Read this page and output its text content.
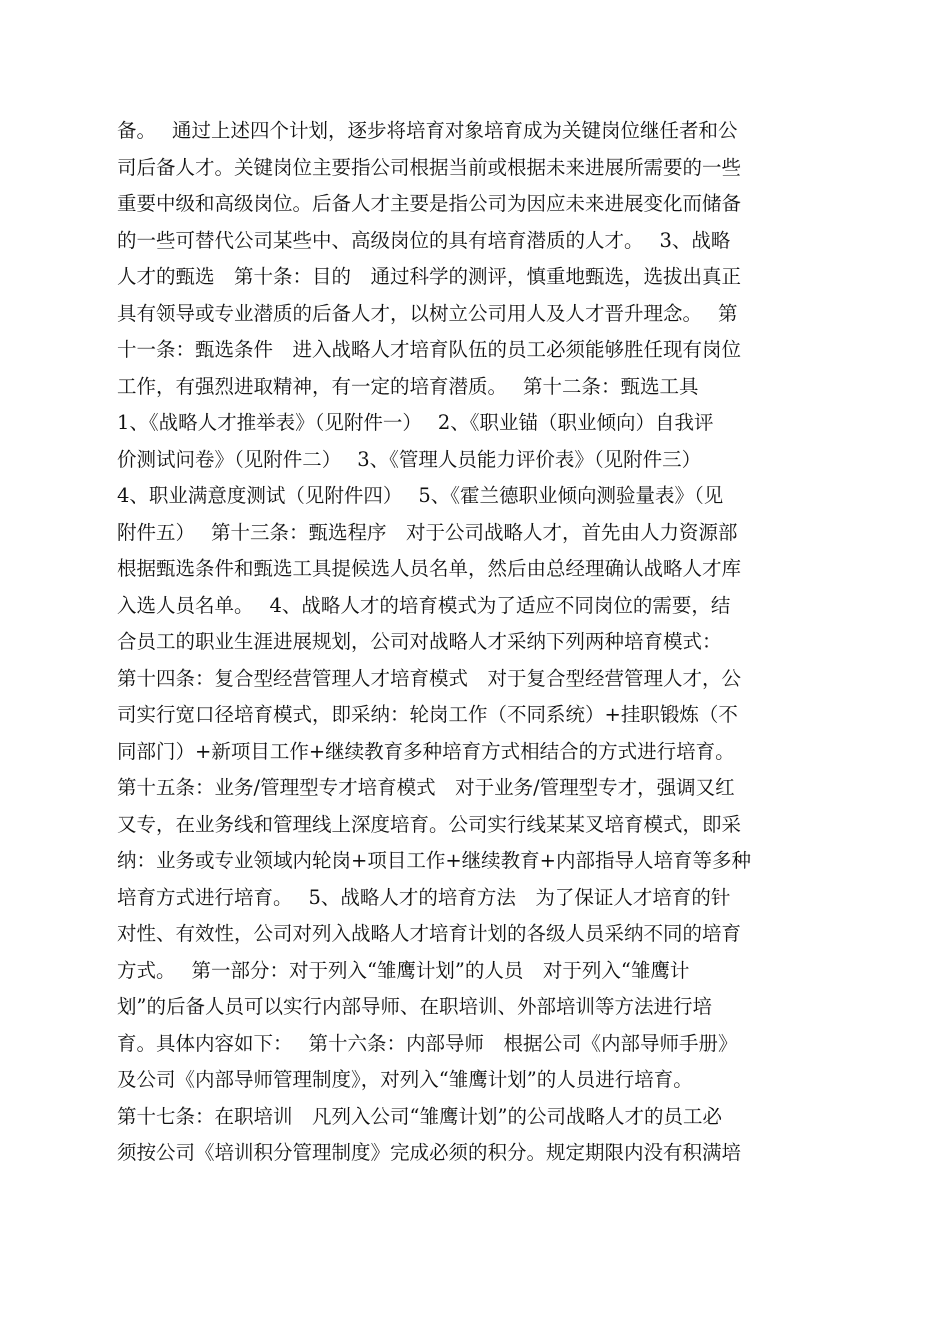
备。　 通过上述四个计划，逐步将培育对象培育成为关键岗位继任者和公
司后备人才。关键岗位主要指公司根据当前或根据未来进展所需要的一些
重要中级和高级岗位。后备人才主要是指公司为因应未来进展变化而储备
的一些可替代公司某些中、高级岗位的具有培育潜质的人才。　 3、战略
人才的甄选　第十条：目的　通过科学的测评，慎重地甄选，选拔出真正
具有领导或专业潜质的后备人才，以树立公司用人及人才晋升理念。　 第
十一条：甄选条件　进入战略人才培育队伍的员工必须能够胜任现有岗位
工作，有强烈进取精神，有一定的培育潜质。　 第十二条：甄选工具
1、《战略人才推举表》（见附件一）　 2、《职业锚（职业倾向）自我评
价测试问卷》（见附件二）　 3、《管理人员能力评价表》（见附件三）
4、职业满意度测试（见附件四）　 5、《霍兰德职业倾向测验量表》（见
附件五）　 第十三条：甄选程序　对于公司战略人才，首先由人力资源部
根据甄选条件和甄选工具提候选人员名单，然后由总经理确认战略人才库
入选人员名单。　 4、战略人才的培育模式为了适应不同岗位的需要，结
合员工的职业生涯进展规划，公司对战略人才采纳下列两种培育模式：
第十四条：复合型经营管理人才培育模式　对于复合型经营管理人才，公
司实行宽口径培育模式，即采纳：轮岗工作（不同系统）+挂职锻炼（不
同部门）+新项目工作+继续教育多种培育方式相结合的方式进行培育。
第十五条：业务/管理型专才培育模式　对于业务/管理型专才，强调又红
又专，在业务线和管理线上深度培育。公司实行线某某叉培育模式，即采
纳：业务或专业领域内轮岗+项目工作+继续教育+内部指导人培育等多种
培育方式进行培育。　 5、战略人才的培育方法　为了保证人才培育的针
对性、有效性，公司对列入战略人才培育计划的各级人员采纳不同的培育
方式。　 第一部分：对于列入“雏鹰计划”的人员　对于列入“雏鹰计
划”的后备人员可以实行内部导师、在职培训、外部培训等方法进行培
育。具体内容如下：　 第十六条：内部导师　根据公司《内部导师手册》
及公司《内部导师管理制度》，对列入“雏鹰计划”的人员进行培育。
第十七条：在职培训　凡列入公司“雏鹰计划”的公司战略人才的员工必
须按公司《培训积分管理制度》完成必须的积分。规定期限内没有积满培
